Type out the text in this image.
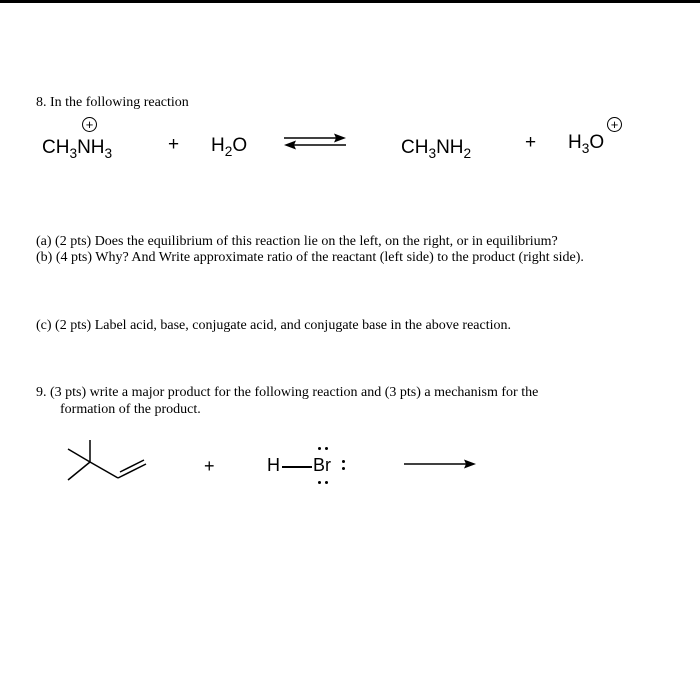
8. In the following reaction
$CH_3NH_3$
+
+ $H_2O$	$CH_3NH_2$
+ $H_3O$
+
(a) (2 pts) Does the equilibrium of this reaction lie on the left, on the right, or in equilibrium?
(b) (4 pts) Why? And Write approximate ratio of the reactant (left side) to the product (right side).
(c) (2 pts) Label acid, base, conjugate acid, and conjugate base in the above reaction.
9. (3 pts) write a major product for the following reaction and (3 pts) a mechanism for the
formation of the product.
+	H Br
